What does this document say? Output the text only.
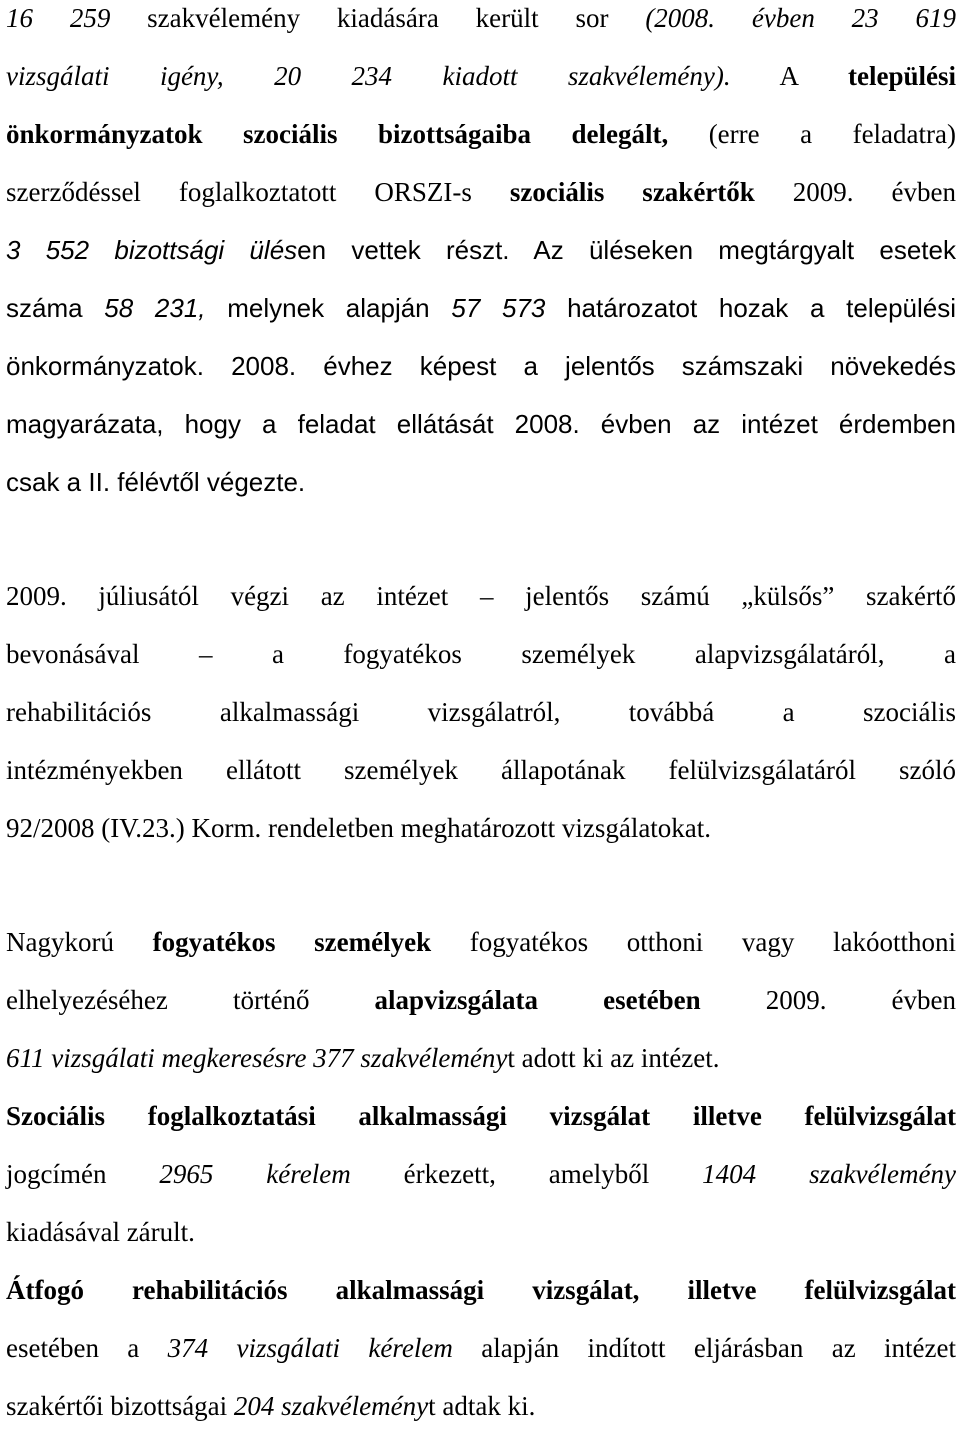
16 259 szakvélemény kiadására került sor (2008. évben 23 619
vizsgálati igény, 20 234 kiadott szakvélemény). A települési
önkormányzatok szociális bizottságaiba delegált, (erre a feladatra)
szerződéssel foglalkoztatott ORSZI-s szociális szakértők 2009. évben
3 552 bizottsági ülésen vettek részt. Az üléseken megtárgyalt esetek
száma 58 231, melynek alapján 57 573 határozatot hozak a települési
önkormányzatok. 2008. évhez képest a jelentős számszaki növekedés
magyarázata, hogy a feladat ellátását 2008. évben az intézet érdemben
csak a II. félévtől végezte.
2009. júliusától végzi az intézet – jelentős számú „külsős” szakértő
bevonásával – a fogyatékos személyek alapvizsgálatáról, a
rehabilitációs alkalmassági vizsgálatról, továbbá a szociális
intézményekben ellátott személyek állapotának felülvizsgálatáról szóló
92/2008 (IV.23.) Korm. rendeletben meghatározott vizsgálatokat.
Nagykorú fogyatékos személyek fogyatékos otthoni vagy lakóotthoni
elhelyezéséhez történő alapvizsgálata esetében 2009. évben
611 vizsgálati megkeresésre 377 szakvéleményt adott ki az intézet.
Szociális foglalkoztatási alkalmassági vizsgálat illetve felülvizsgálat
jogcímén 2965 kérelem érkezett, amelyből 1404 szakvélemény
kiadásával zárult.
Átfogó rehabilitációs alkalmassági vizsgálat, illetve felülvizsgálat
esetében a 374 vizsgálati kérelem alapján indított eljárásban az intézet
szakértői bizottságai 204 szakvéleményt adtak ki.
